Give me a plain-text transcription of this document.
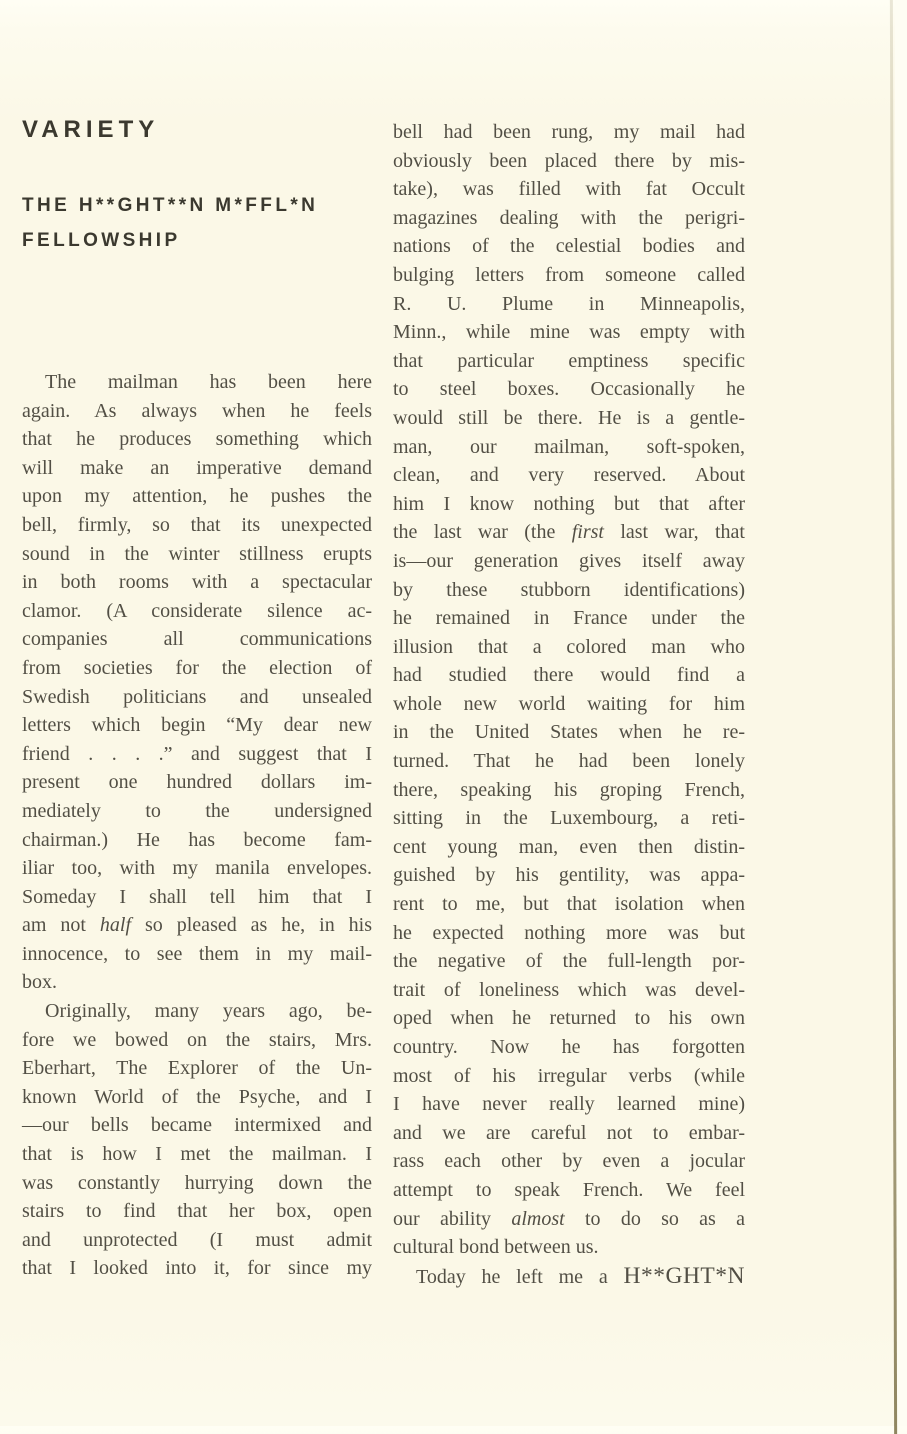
VARIETY
THE H**GHT**N M*FFL*N
FELLOWSHIP
The mailman has been here
again. As always when he feels
that he produces something which
will make an imperative demand
upon my attention, he pushes the
bell, firmly, so that its unexpected
sound in the winter stillness erupts
in both rooms with a spectacular
clamor. (A considerate silence ac-
companies all communications
from societies for the election of
Swedish politicians and unsealed
letters which begin “My dear new
friend . . . .” and suggest that I
present one hundred dollars im-
mediately to the undersigned
chairman.) He has become fam-
iliar too, with my manila envelopes.
Someday I shall tell him that I
am not half so pleased as he, in his
innocence, to see them in my mail-
box.
Originally, many years ago, be-
fore we bowed on the stairs, Mrs.
Eberhart, The Explorer of the Un-
known World of the Psyche, and I
—our bells became intermixed and
that is how I met the mailman. I
was constantly hurrying down the
stairs to find that her box, open
and unprotected (I must admit
that I looked into it, for since my
bell had been rung, my mail had
obviously been placed there by mis-
take), was filled with fat Occult
magazines dealing with the perigri-
nations of the celestial bodies and
bulging letters from someone called
R. U. Plume in Minneapolis,
Minn., while mine was empty with
that particular emptiness specific
to steel boxes. Occasionally he
would still be there. He is a gentle-
man, our mailman, soft-spoken,
clean, and very reserved. About
him I know nothing but that after
the last war (the first last war, that
is—our generation gives itself away
by these stubborn identifications)
he remained in France under the
illusion that a colored man who
had studied there would find a
whole new world waiting for him
in the United States when he re-
turned. That he had been lonely
there, speaking his groping French,
sitting in the Luxembourg, a reti-
cent young man, even then distin-
guished by his gentility, was appa-
rent to me, but that isolation when
he expected nothing more was but
the negative of the full-length por-
trait of loneliness which was devel-
oped when he returned to his own
country. Now he has forgotten
most of his irregular verbs (while
I have never really learned mine)
and we are careful not to embar-
rass each other by even a jocular
attempt to speak French. We feel
our ability almost to do so as a
cultural bond between us.
Today he left me a H**GHT*N
